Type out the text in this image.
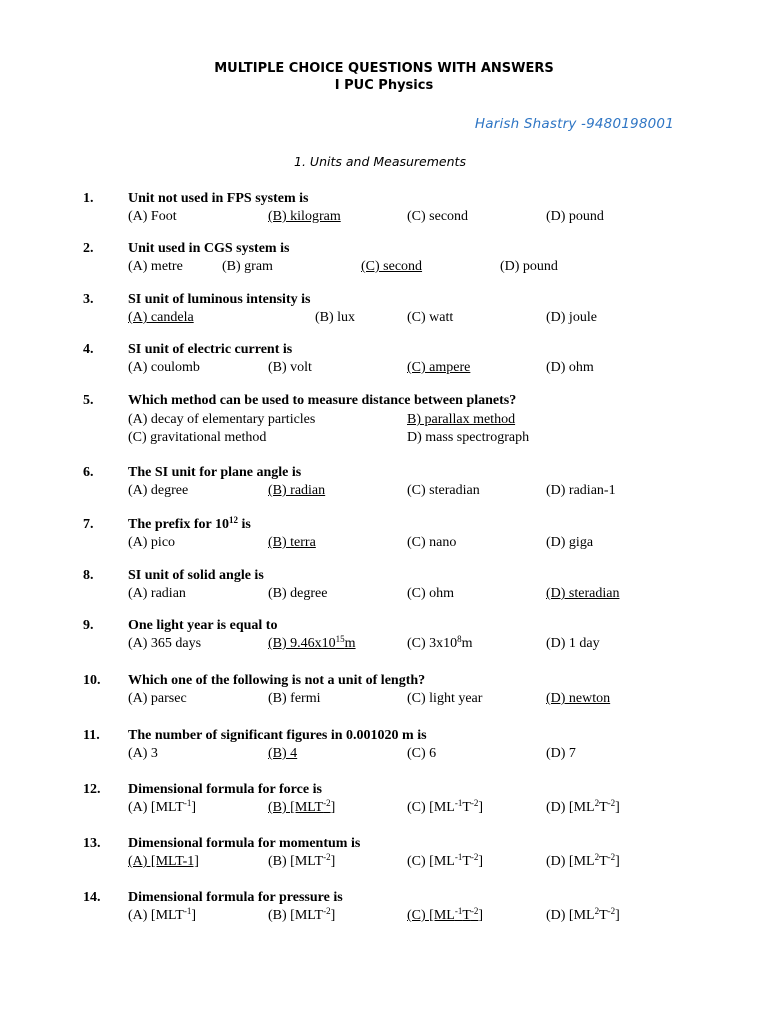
MULTIPLE CHOICE QUESTIONS WITH ANSWERS
I PUC Physics
Harish Shastry -9480198001
1. Units and Measurements
1. Unit not used in FPS system is
(A) Foot	(B) kilogram	(C) second	(D) pound
2. Unit used in CGS system is
(A) metre	(B) gram	(C) second	(D) pound
3. SI unit of luminous intensity is
(A) candela	(B) lux	(C) watt	(D) joule
4. SI unit of electric current is
(A) coulomb	(B) volt	(C) ampere	(D) ohm
5. Which method can be used to measure distance between planets?
(A) decay of elementary particles	B) parallax method
(C) gravitational method	D) mass spectrograph
6. The SI unit for plane angle is
(A) degree	(B) radian	(C) steradian	(D) radian-1
7. The prefix for $10^{12}$ is
(A) pico	(B) terra	(C) nano	(D) giga
8. SI unit of solid angle is
(A) radian	(B) degree	(C) ohm	(D) steradian
9. One light year is equal to
(A) 365 days	(B) $9.46x10^{15}m$	(C) $3x10^8m$	(D) 1 day
10. Which one of the following is not a unit of length?
(A) parsec	(B) fermi	(C) light year	(D) newton
11. The number of significant figures in 0.001020 m is
(A) 3	(B) 4	(C) 6	(D) 7
12. Dimensional formula for force is
(A) $[MLT^{-1}]$	(B) $[MLT^{-2}]$	(C) $[ML^{-1}T^{-2}]$	(D) $[ML^2T^{-2}]$
13. Dimensional formula for momentum is
(A) [MLT-1]	(B) $[MLT^{-2}]$	(C) $[ML^{-1}T^{-2}]$	(D) $[ML^2T^{-2}]$
14. Dimensional formula for pressure is
(A) $[MLT^{-1}]$	(B) $[MLT^{-2}]$	(C) $[ML^{-1}T^{-2}]$	(D) $[ML^2T^{-2}]$
